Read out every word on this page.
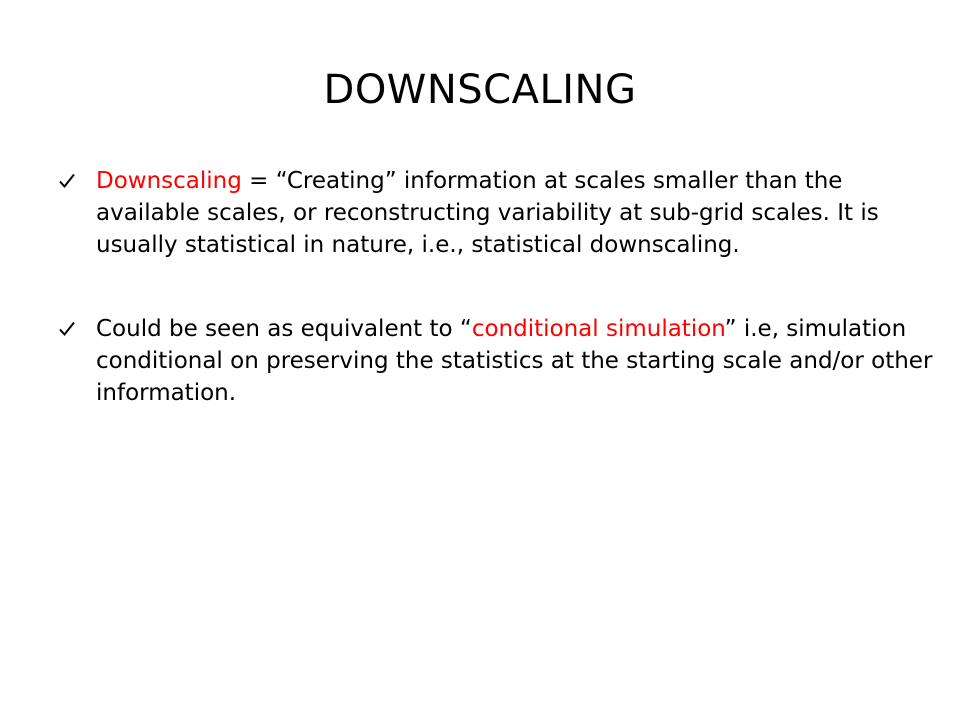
DOWNSCALING
Downscaling = “Creating” information at scales smaller than the available scales, or reconstructing variability at sub-grid scales. It is usually statistical in nature, i.e., statistical downscaling.
Could be seen as equivalent to “conditional simulation” i.e, simulation conditional on preserving the statistics at the starting scale and/or other information.
